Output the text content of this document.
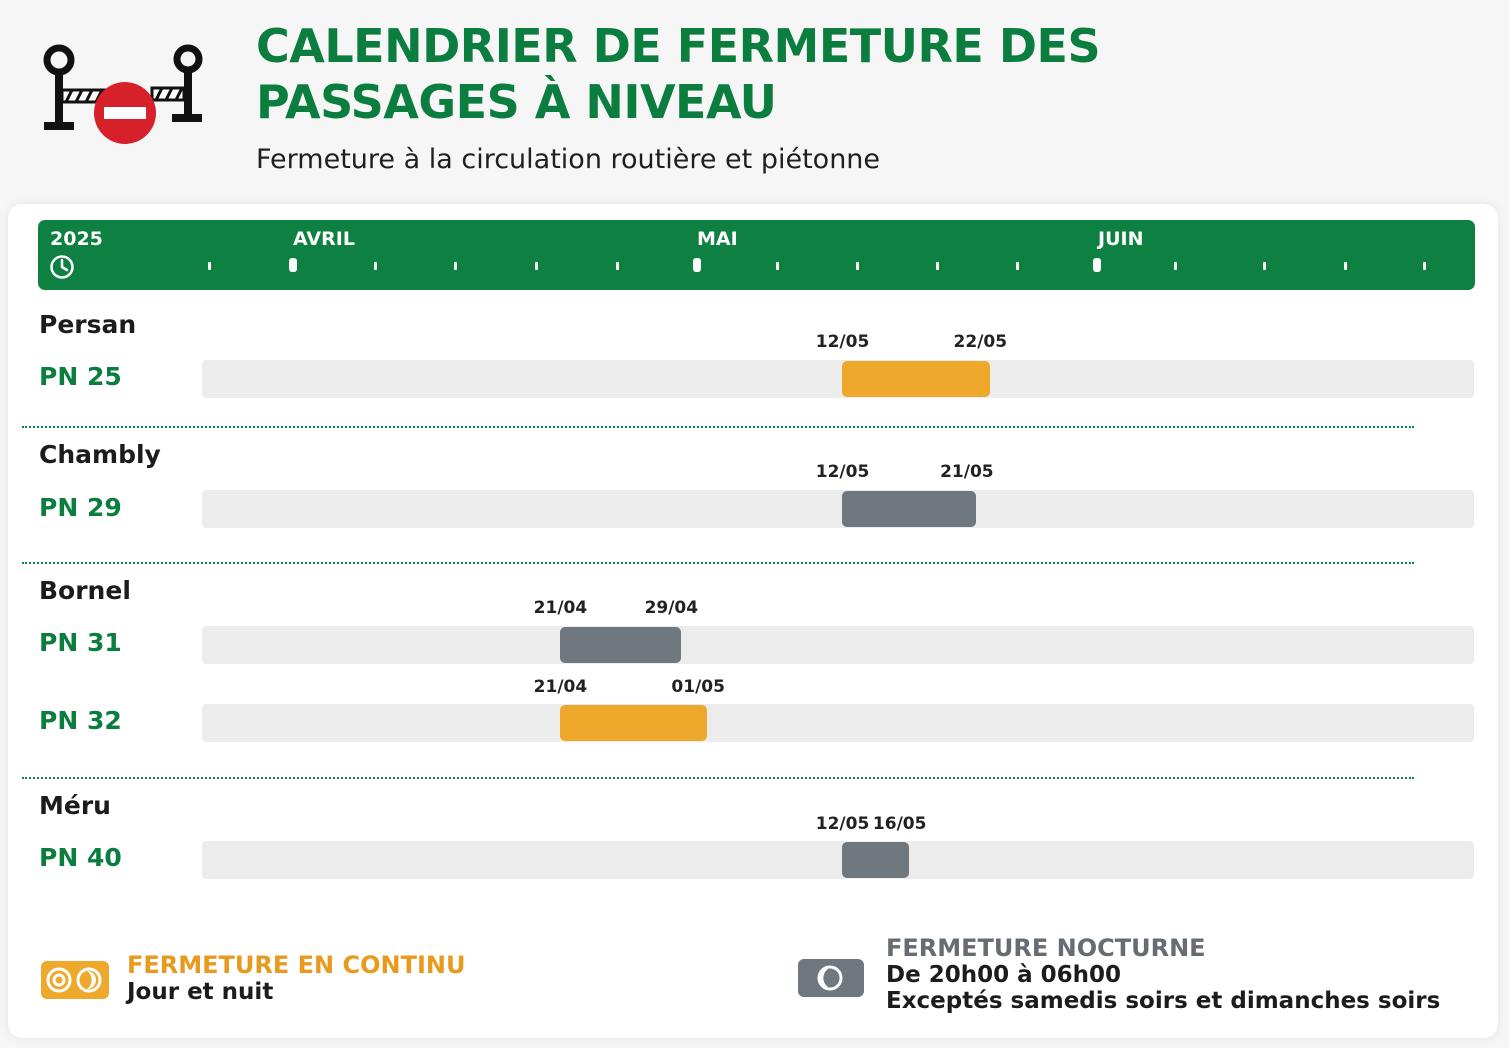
CALENDRIER DE FERMETURE DES
PASSAGES À NIVEAU
Fermeture à la circulation routière et piétonne
2025	AVRIL	MAI	JUIN
Persan
PN 25
12/05	22/05
Chambly
PN 29
12/05	21/05
Bornel
PN 31
21/04	29/04
PN 32
21/04	01/05
Méru
PN 40
12/05 16/05
FERMETURE EN CONTINU
Jour et nuit
FERMETURE NOCTURNE
De 20h00 à 06h00
Exceptés samedis soirs et dimanches soirs
